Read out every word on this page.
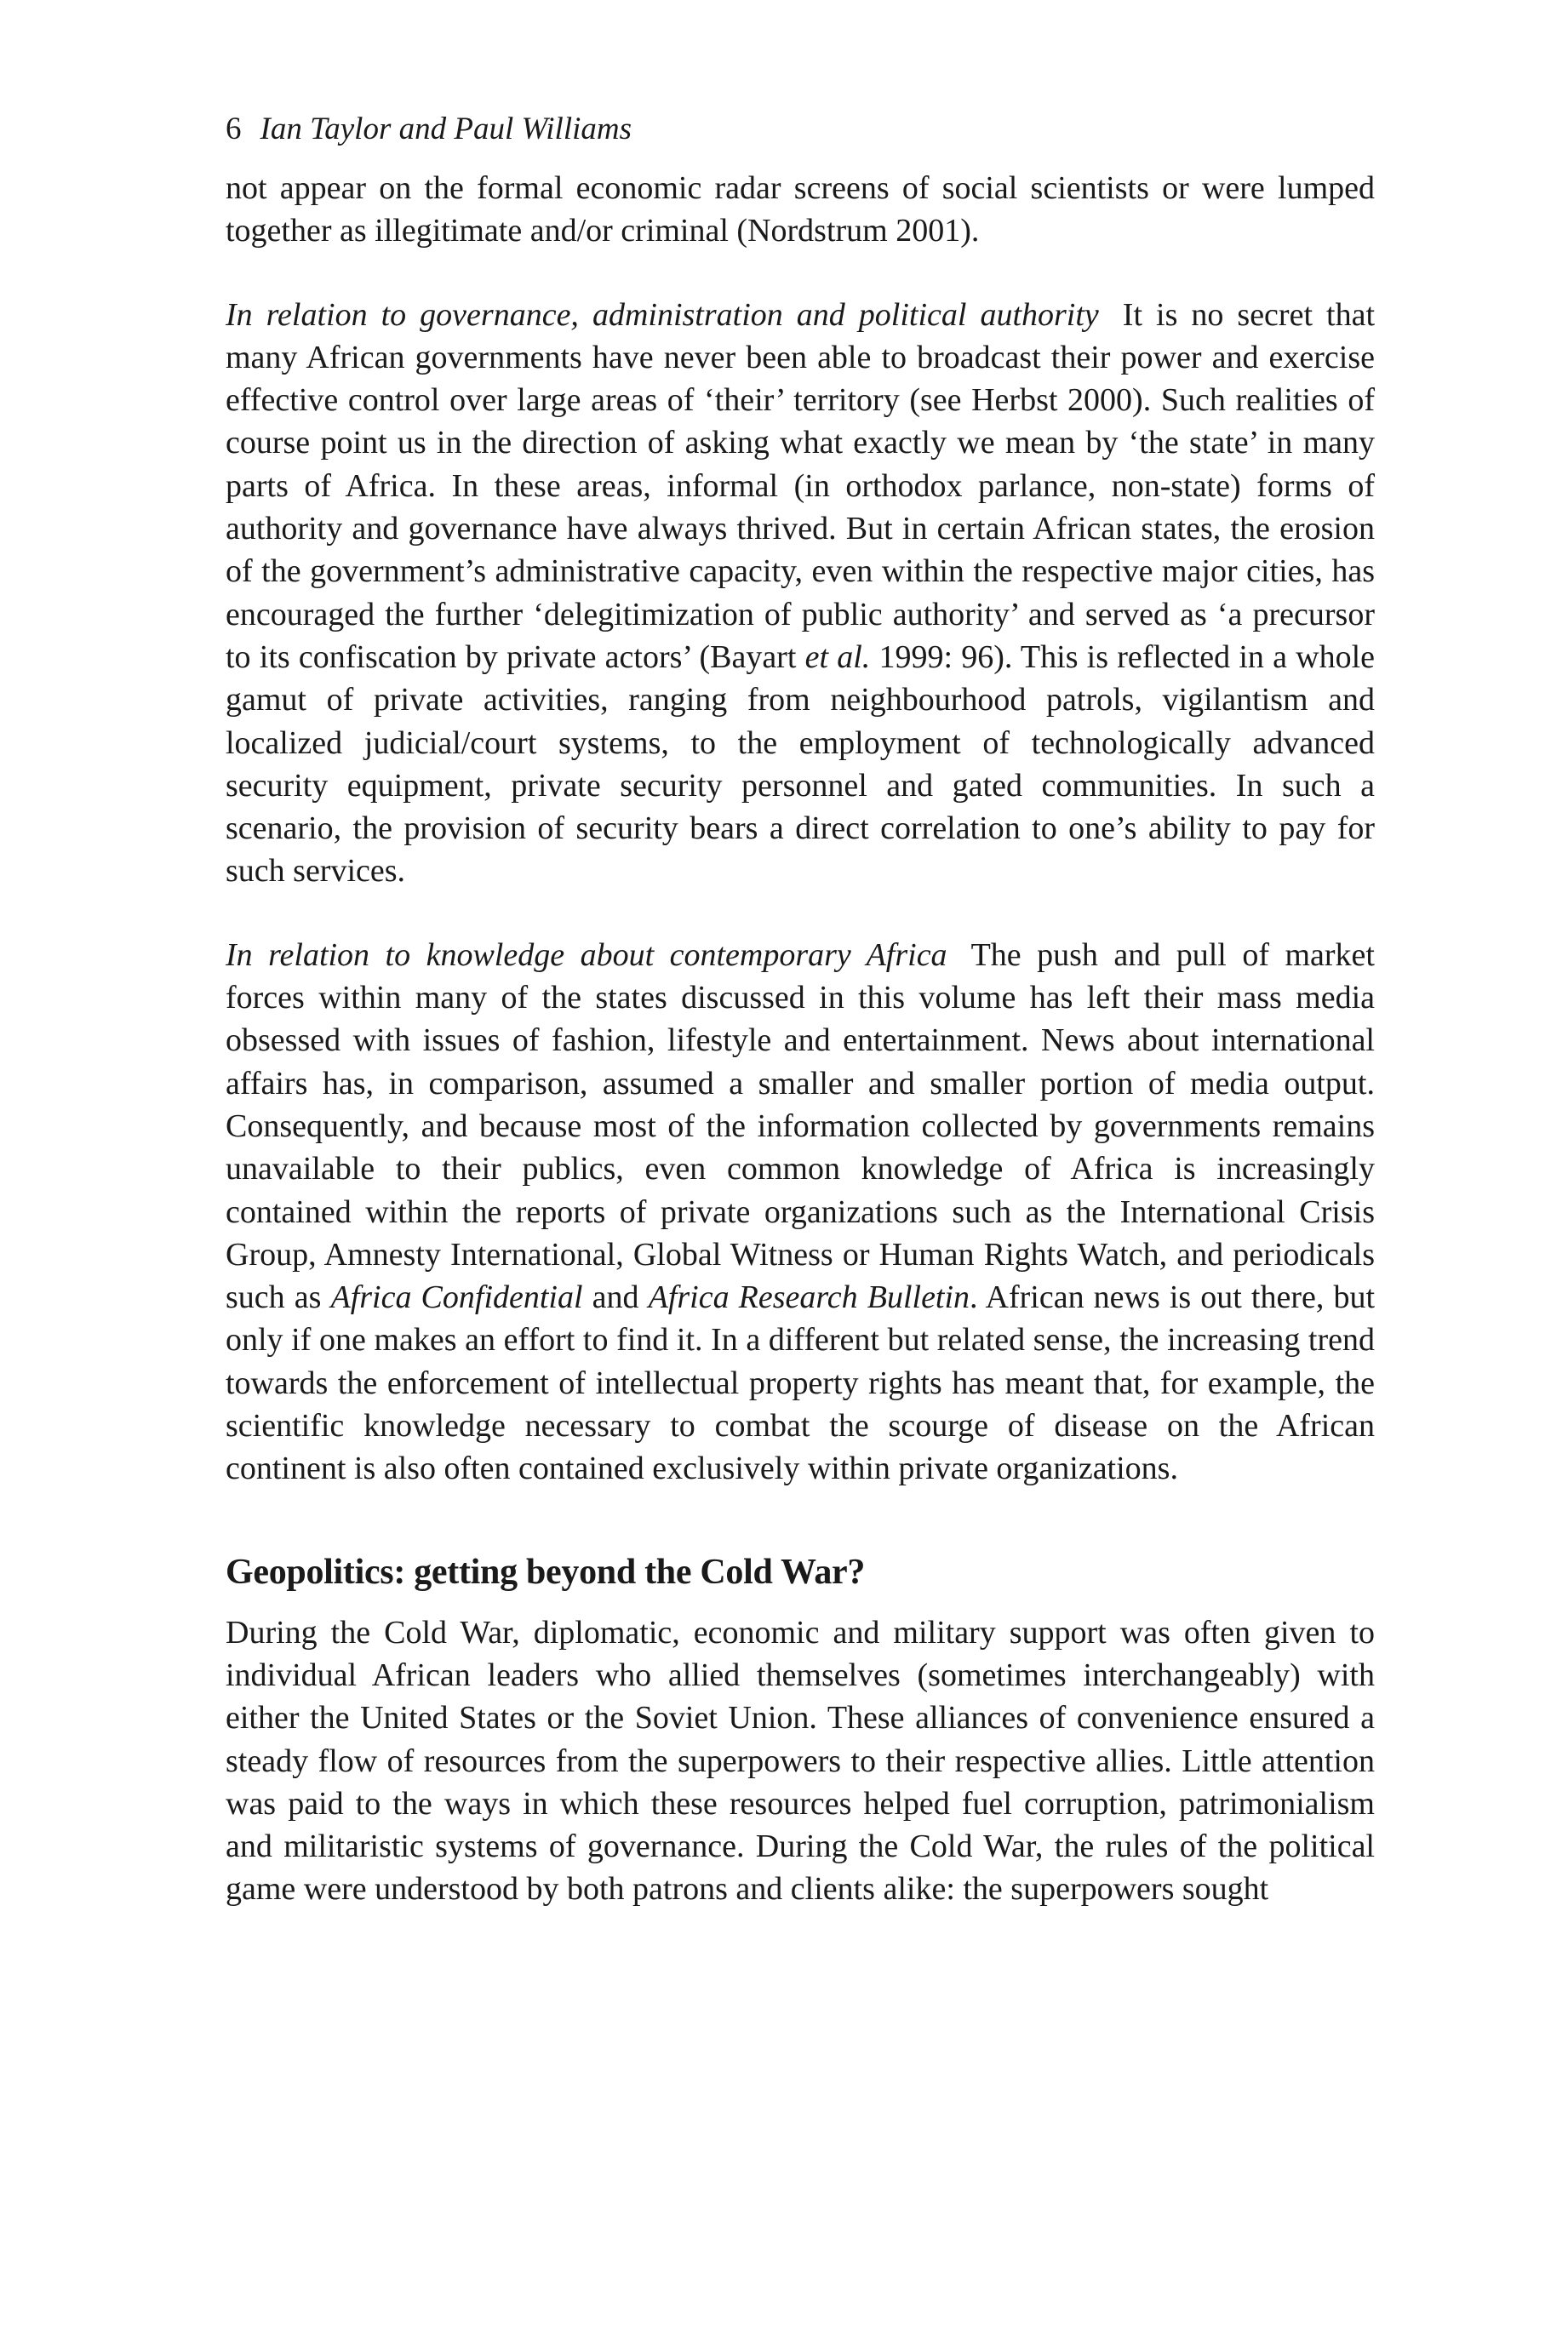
6 Ian Taylor and Paul Williams

not appear on the formal economic radar screens of social scientists or were lumped together as illegitimate and/or criminal (Nordstrum 2001).

In relation to governance, administration and political authority It is no secret that many African governments have never been able to broadcast their power and exercise effective control over large areas of ‘their’ territory (see Herbst 2000). Such realities of course point us in the direction of asking what exactly we mean by ‘the state’ in many parts of Africa. In these areas, informal (in orthodox parlance, non-state) forms of authority and governance have always thrived. But in certain African states, the erosion of the government’s administrative capacity, even within the respective major cities, has encouraged the further ‘delegitimization of public authority’ and served as ‘a precursor to its confiscation by private actors’ (Bayart et al. 1999: 96). This is reflected in a whole gamut of private activities, ranging from neighbourhood patrols, vigilantism and localized judicial/court systems, to the employment of technologically advanced security equipment, private security personnel and gated communities. In such a scenario, the provision of security bears a direct correlation to one’s ability to pay for such services.

In relation to knowledge about contemporary Africa The push and pull of market forces within many of the states discussed in this volume has left their mass media obsessed with issues of fashion, lifestyle and entertainment. News about international affairs has, in comparison, assumed a smaller and smaller portion of media output. Consequently, and because most of the information collected by governments remains unavailable to their publics, even common knowledge of Africa is increasingly contained within the reports of private organizations such as the International Crisis Group, Amnesty International, Global Witness or Human Rights Watch, and periodicals such as Africa Confidential and Africa Research Bulletin. African news is out there, but only if one makes an effort to find it. In a different but related sense, the increasing trend towards the enforcement of intellectual property rights has meant that, for example, the scientific knowledge necessary to combat the scourge of disease on the African continent is also often contained exclusively within private organizations.

Geopolitics: getting beyond the Cold War?

During the Cold War, diplomatic, economic and military support was often given to individual African leaders who allied themselves (sometimes interchangeably) with either the United States or the Soviet Union. These alliances of convenience ensured a steady flow of resources from the superpowers to their respective allies. Little attention was paid to the ways in which these resources helped fuel corruption, patrimonialism and militaristic systems of governance. During the Cold War, the rules of the political game were understood by both patrons and clients alike: the superpowers sought
